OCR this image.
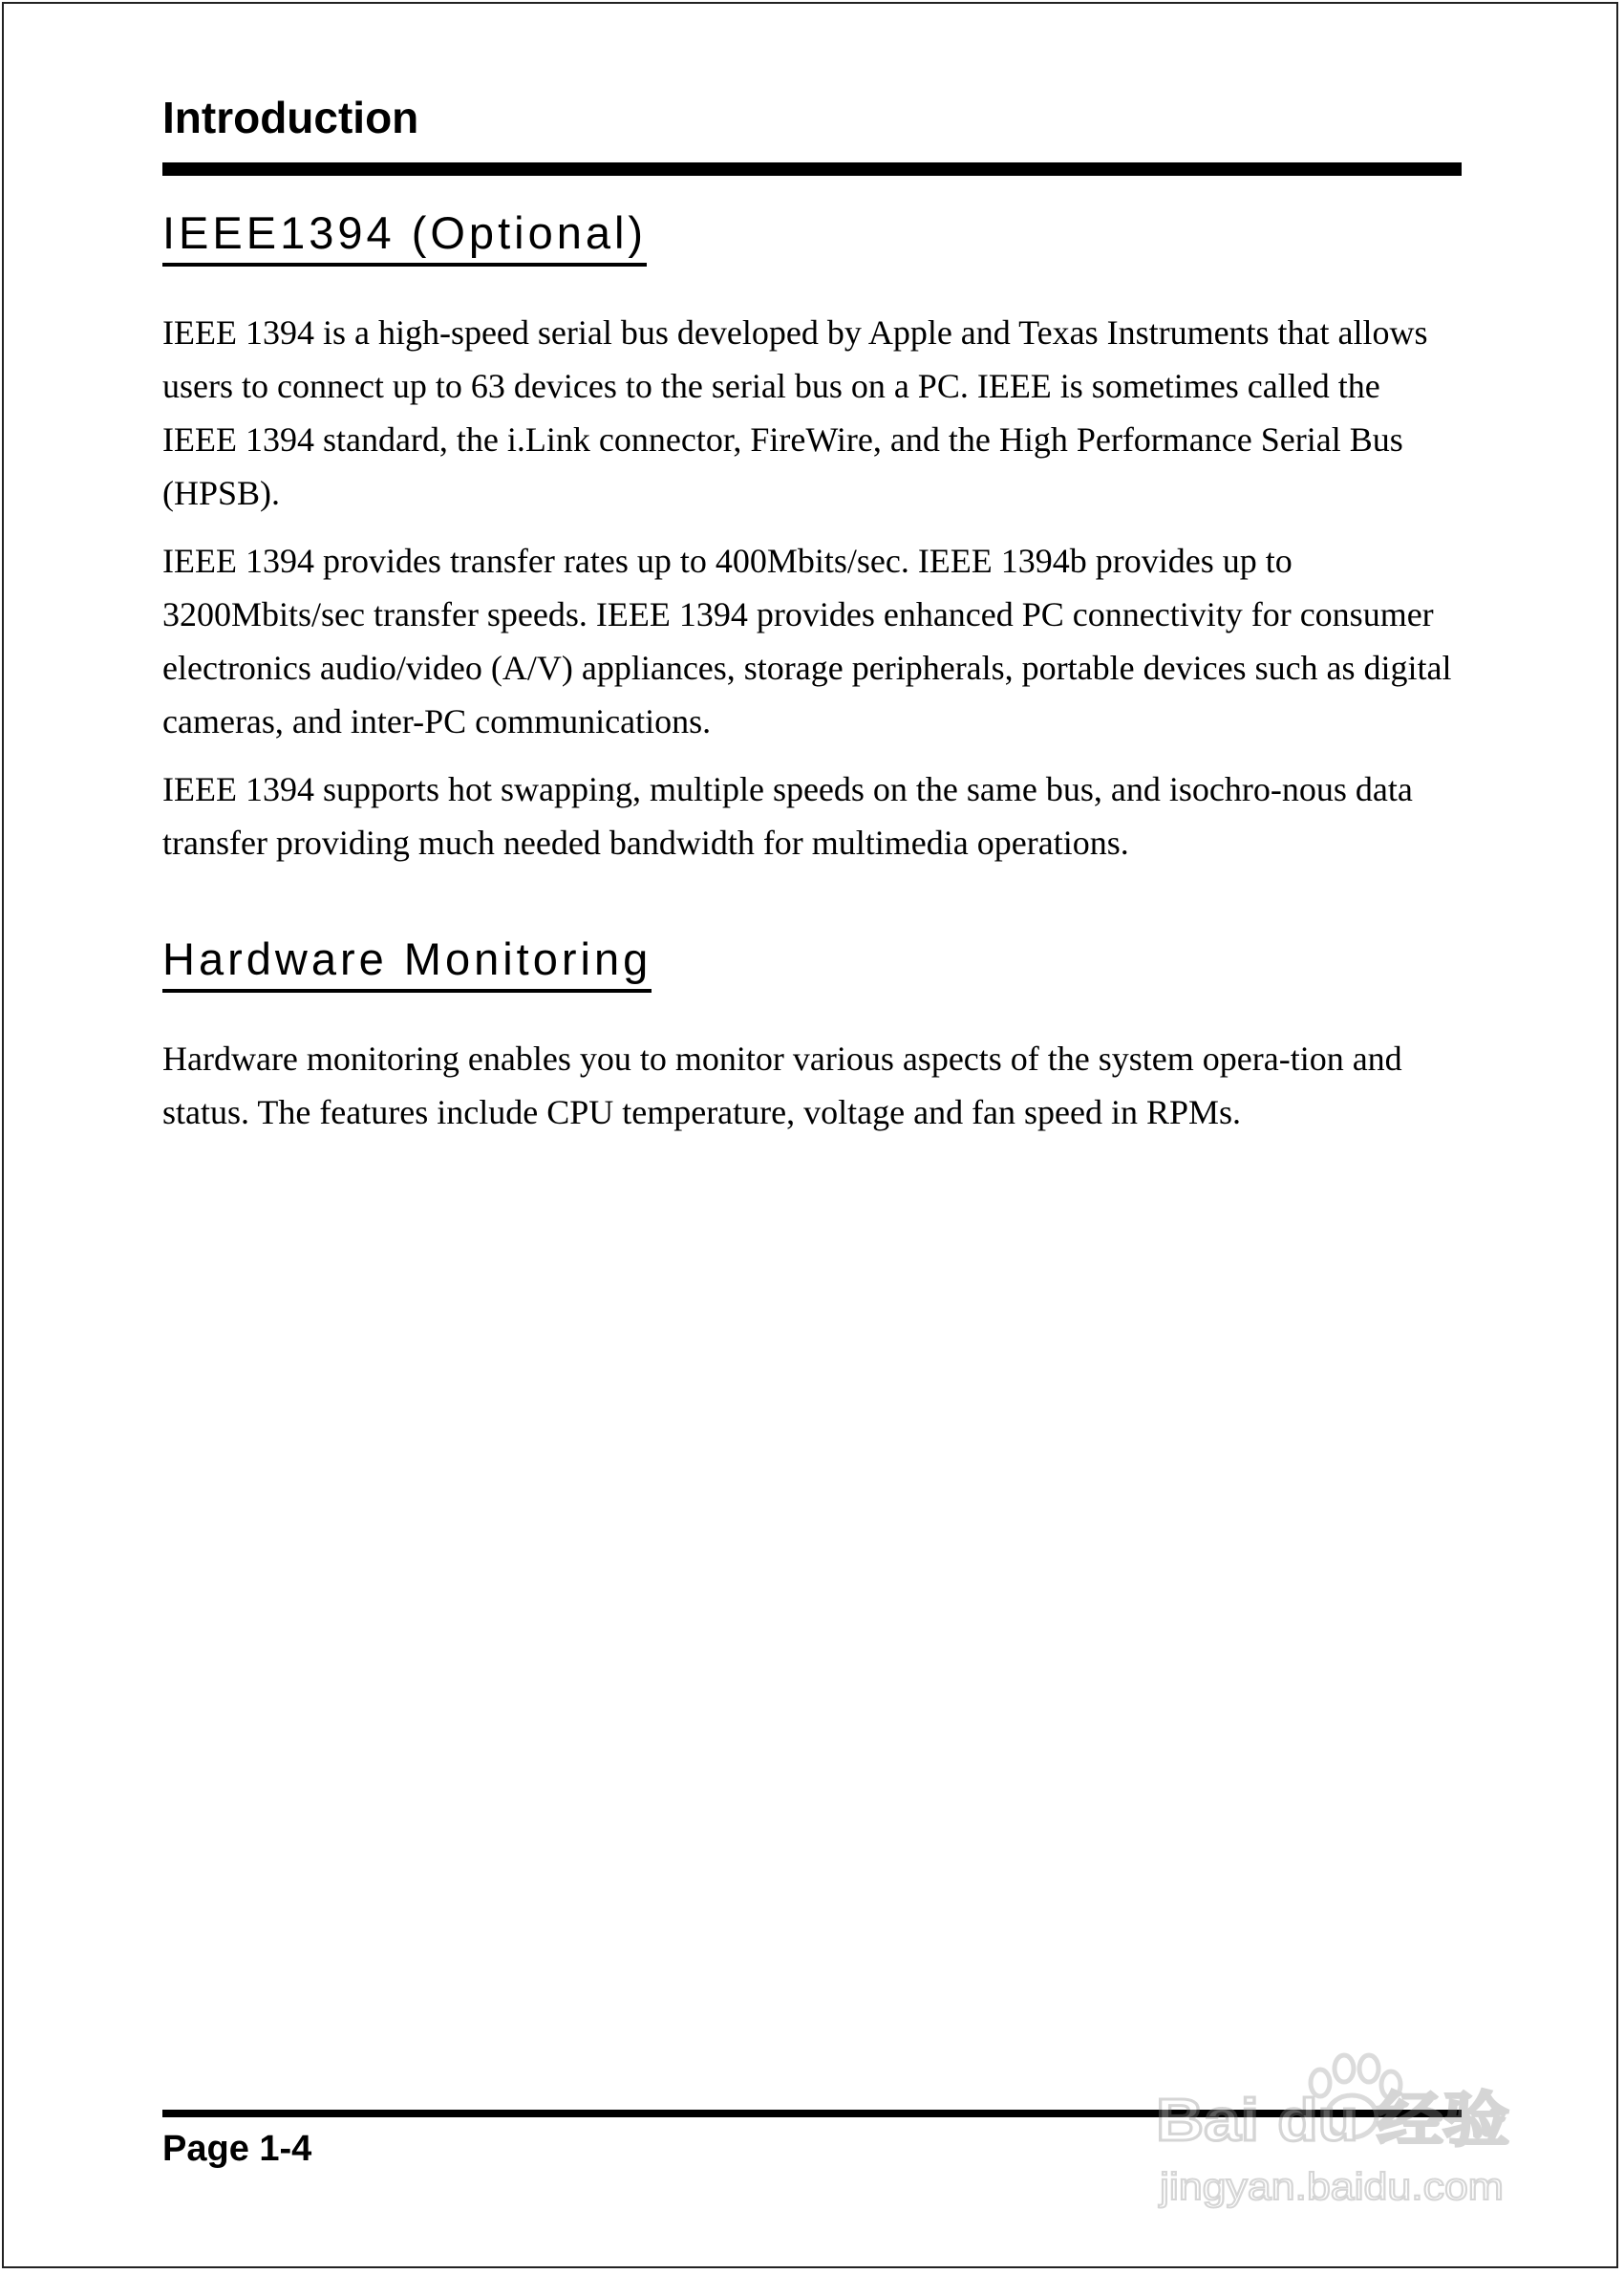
Introduction
IEEE1394 (Optional)

IEEE 1394 is a high-speed serial bus developed by Apple and Texas Instruments that allows users to connect up to 63 devices to the serial bus on a PC. IEEE is sometimes called the IEEE 1394 standard, the i.Link connector, FireWire, and the High Performance Serial Bus (HPSB).

IEEE 1394 provides transfer rates up to 400Mbits/sec. IEEE 1394b provides up to 3200Mbits/sec transfer speeds. IEEE 1394 provides enhanced PC connectivity for consumer electronics audio/video (A/V) appliances, storage peripherals, portable devices such as digital cameras, and inter-PC communications.

IEEE 1394 supports hot swapping, multiple speeds on the same bus, and isochro-nous data transfer providing much needed bandwidth for multimedia operations.

Hardware Monitoring

Hardware monitoring enables you to monitor various aspects of the system opera-tion and status. The features include CPU temperature, voltage and fan speed in RPMs.

Page 1-4	Bai du 经验
jingyan.baidu.com
